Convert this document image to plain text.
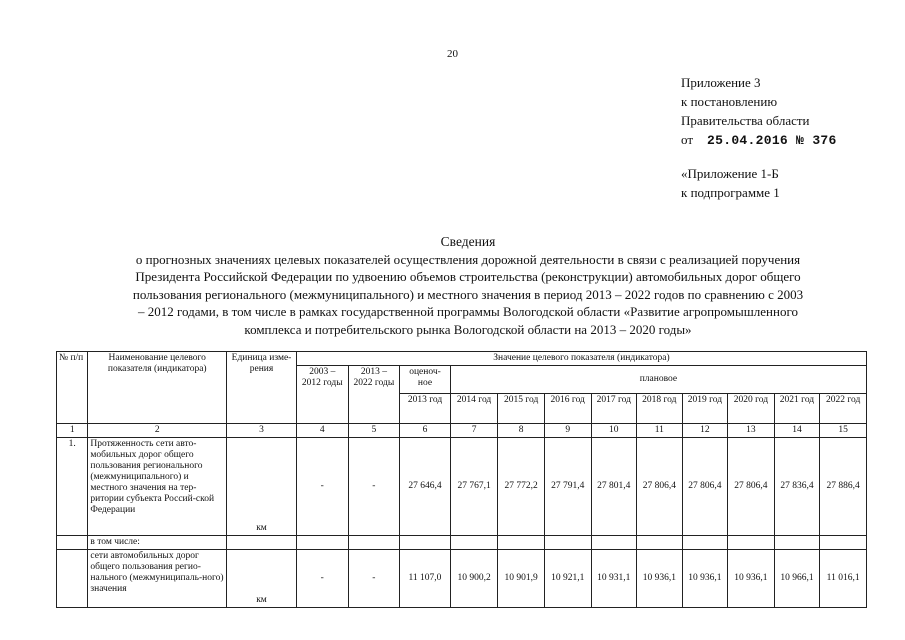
20
Приложение 3
к постановлению
Правительства области
от 25.04.2016 № 376
«Приложение 1-Б
к подпрограмме 1
Сведения
о прогнозных значениях целевых показателей осуществления дорожной деятельности в связи с реализацией поручения
Президента Российской Федерации по удвоению объемов строительства (реконструкции) автомобильных дорог общего
пользования регионального (межмуниципального) и местного значения в период 2013 – 2022 годов по сравнению с 2003
– 2012 годами, в том числе в рамках государственной программы Вологодской области «Развитие агропромышленного
комплекса и потребительского рынка Вологодской области на 2013 – 2020 годы»
№ п/п	Наименование целевого показателя (индикатора)	Единица изме-рения	Значение целевого показателя (индикатора)											
			2003 – 2012 годы	2013 – 2022 годы	оценоч-ное	плановое								
					2013 год	2014 год	2015 год	2016 год	2017 год	2018 год	2019 год	2020 год	2021 год	2022 год
1	2	3	4	5	6	7	8	9	10	11	12	13	14	15
1.	Протяженность сети авто-мобильных дорог общего пользования регионального (межмуниципального) и местного значения на тер-ритории субъекта Россий-ской Федерации	км	-	-	27 646,4	27 767,1	27 772,2	27 791,4	27 801,4	27 806,4	27 806,4	27 806,4	27 836,4	27 886,4
	в том числе:													
	сети автомобильных дорог общего пользования регио-нального (межмуниципаль-ного) значения	км	-	-	11 107,0	10 900,2	10 901,9	10 921,1	10 931,1	10 936,1	10 936,1	10 936,1	10 966,1	11 016,1
